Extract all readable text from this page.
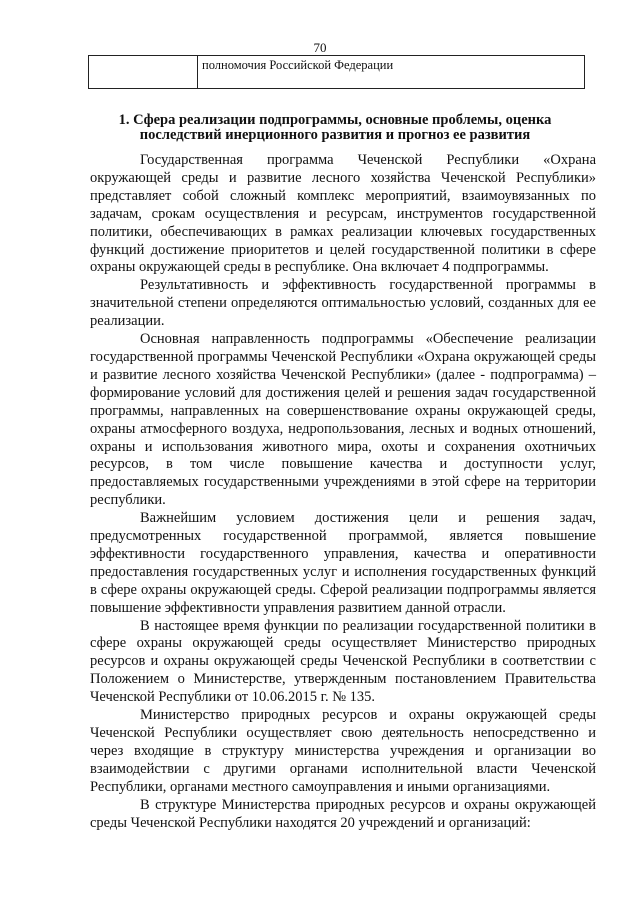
70
полномочия Российской Федерации
1. Сфера реализации подпрограммы, основные проблемы, оценка
последствий инерционного развития и прогноз ее развития

Государственная программа Чеченской Республики «Охрана окружающей среды и развитие лесного хозяйства Чеченской Республики» представляет собой сложный комплекс мероприятий, взаимоувязанных по задачам, срокам осуществления и ресурсам, инструментов государственной политики, обеспечивающих в рамках реализации ключевых государственных функций достижение приоритетов и целей государственной политики в сфере охраны окружающей среды в республике. Она включает 4 подпрограммы.

Результативность и эффективность государственной программы в значительной степени определяются оптимальностью условий, созданных для ее реализации.

Основная направленность подпрограммы «Обеспечение реализации государственной программы Чеченской Республики «Охрана окружающей среды и развитие лесного хозяйства Чеченской Республики» (далее - подпрограмма) – формирование условий для достижения целей и решения задач государственной программы, направленных на совершенствование охраны окружающей среды, охраны атмосферного воздуха, недропользования, лесных и водных отношений, охраны и использования животного мира, охоты и сохранения охотничьих ресурсов, в том числе повышение качества и доступности услуг, предоставляемых государственными учреждениями в этой сфере на территории республики.

Важнейшим условием достижения цели и решения задач, предусмотренных государственной программой, является повышение эффективности государственного управления, качества и оперативности предоставления государственных услуг и исполнения государственных функций в сфере охраны окружающей среды. Сферой реализации подпрограммы является повышение эффективности управления развитием данной отрасли.

В настоящее время функции по реализации государственной политики в сфере охраны окружающей среды осуществляет Министерство природных ресурсов и охраны окружающей среды Чеченской Республики в соответствии с Положением о Министерстве, утвержденным постановлением Правительства Чеченской Республики от 10.06.2015 г. № 135.

Министерство природных ресурсов и охраны окружающей среды Чеченской Республики осуществляет свою деятельность непосредственно и через входящие в структуру министерства учреждения и организации во взаимодействии с другими органами исполнительной власти Чеченской Республики, органами местного самоуправления и иными организациями.

В структуре Министерства природных ресурсов и охраны окружающей среды Чеченской Республики находятся 20 учреждений и организаций:
